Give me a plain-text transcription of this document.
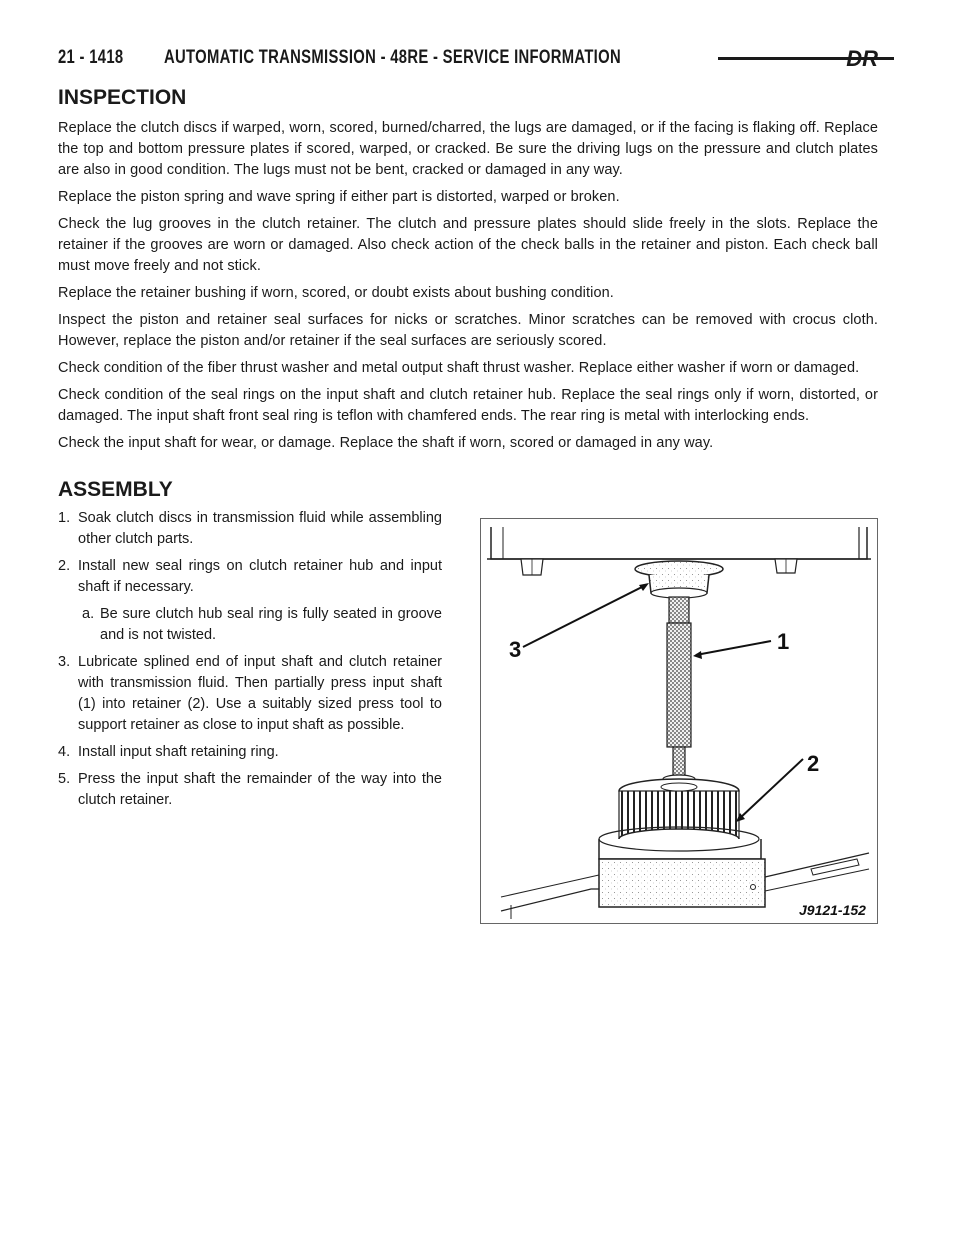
21 - 1418	AUTOMATIC TRANSMISSION - 48RE - SERVICE INFORMATION	DR
INSPECTION

Replace the clutch discs if warped, worn, scored, burned/charred, the lugs are damaged, or if the facing is flaking off. Replace the top and bottom pressure plates if scored, warped, or cracked. Be sure the driving lugs on the pressure and clutch plates are also in good condition. The lugs must not be bent, cracked or damaged in any way.

Replace the piston spring and wave spring if either part is distorted, warped or broken.

Check the lug grooves in the clutch retainer. The clutch and pressure plates should slide freely in the slots. Replace the retainer if the grooves are worn or damaged. Also check action of the check balls in the retainer and piston. Each check ball must move freely and not stick.

Replace the retainer bushing if worn, scored, or doubt exists about bushing condition.

Inspect the piston and retainer seal surfaces for nicks or scratches. Minor scratches can be removed with crocus cloth. However, replace the piston and/or retainer if the seal surfaces are seriously scored.

Check condition of the fiber thrust washer and metal output shaft thrust washer. Replace either washer if worn or damaged.

Check condition of the seal rings on the input shaft and clutch retainer hub. Replace the seal rings only if worn, distorted, or damaged. The input shaft front seal ring is teflon with chamfered ends. The rear ring is metal with interlocking ends.

Check the input shaft for wear, or damage. Replace the shaft if worn, scored or damaged in any way.

ASSEMBLY
1. Soak clutch discs in transmission fluid while assembling other clutch parts.
2. Install new seal rings on clutch retainer hub and input shaft if necessary.
a. Be sure clutch hub seal ring is fully seated in groove and is not twisted.
3. Lubricate splined end of input shaft and clutch retainer with transmission fluid. Then partially press input shaft (1) into retainer (2). Use a suitably sized press tool to support retainer as close to input shaft as possible.
4. Install input shaft retaining ring.
5. Press the input shaft the remainder of the way into the clutch retainer.
3	1
2
J9121-152
